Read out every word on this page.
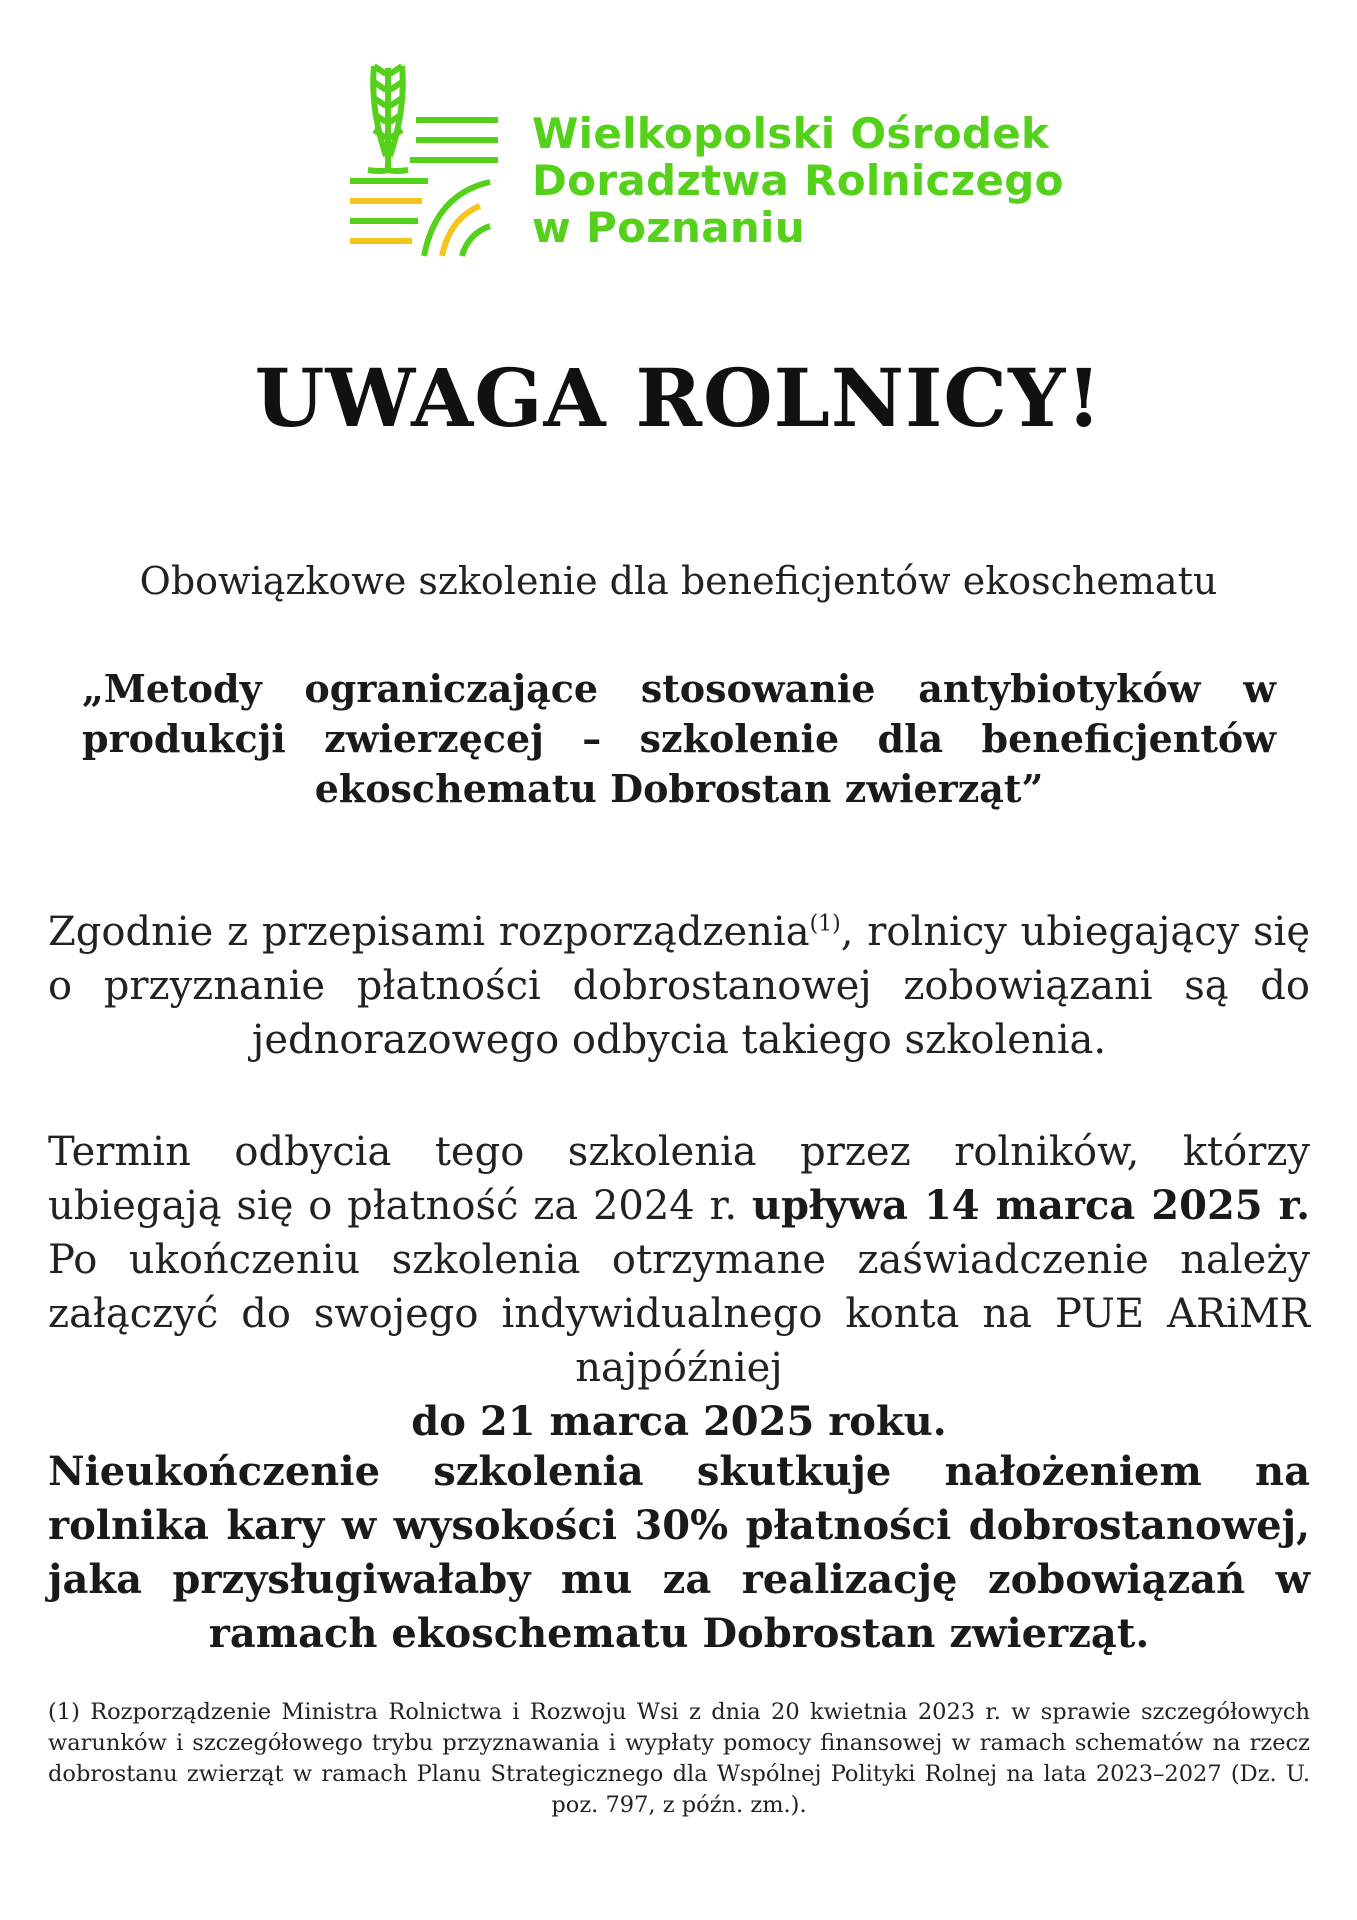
Wielkopolski Ośrodek
Doradztwa Rolniczego
w Poznaniu
UWAGA ROLNICY!
Obowiązkowe szkolenie dla beneficjentów ekoschematu
„Metody ograniczające stosowanie antybiotyków w produkcji zwierzęcej – szkolenie dla beneficjentów ekoschematu Dobrostan zwierząt”
Zgodnie z przepisami rozporządzenia$^{(1)}$, rolnicy ubiegający się o przyznanie płatności dobrostanowej zobowiązani są do jednorazowego odbycia takiego szkolenia.
Termin odbycia tego szkolenia przez rolników, którzy ubiegają się o płatność za 2024 r. upływa 14 marca 2025 r. Po ukończeniu szkolenia otrzymane zaświadczenie należy załączyć do swojego indywidualnego konta na PUE ARiMR najpóźniej
do 21 marca 2025 roku.
Nieukończenie szkolenia skutkuje nałożeniem na rolnika kary w wysokości 30% płatności dobrostanowej, jaka przysługiwałaby mu za realizację zobowiązań w ramach ekoschematu Dobrostan zwierząt.
(1) Rozporządzenie Ministra Rolnictwa i Rozwoju Wsi z dnia 20 kwietnia 2023 r. w sprawie szczegółowych warunków i szczegółowego trybu przyznawania i wypłaty pomocy finansowej w ramach schematów na rzecz dobrostanu zwierząt w ramach Planu Strategicznego dla Wspólnej Polityki Rolnej na lata 2023–2027 (Dz. U. poz. 797, z późn. zm.).
